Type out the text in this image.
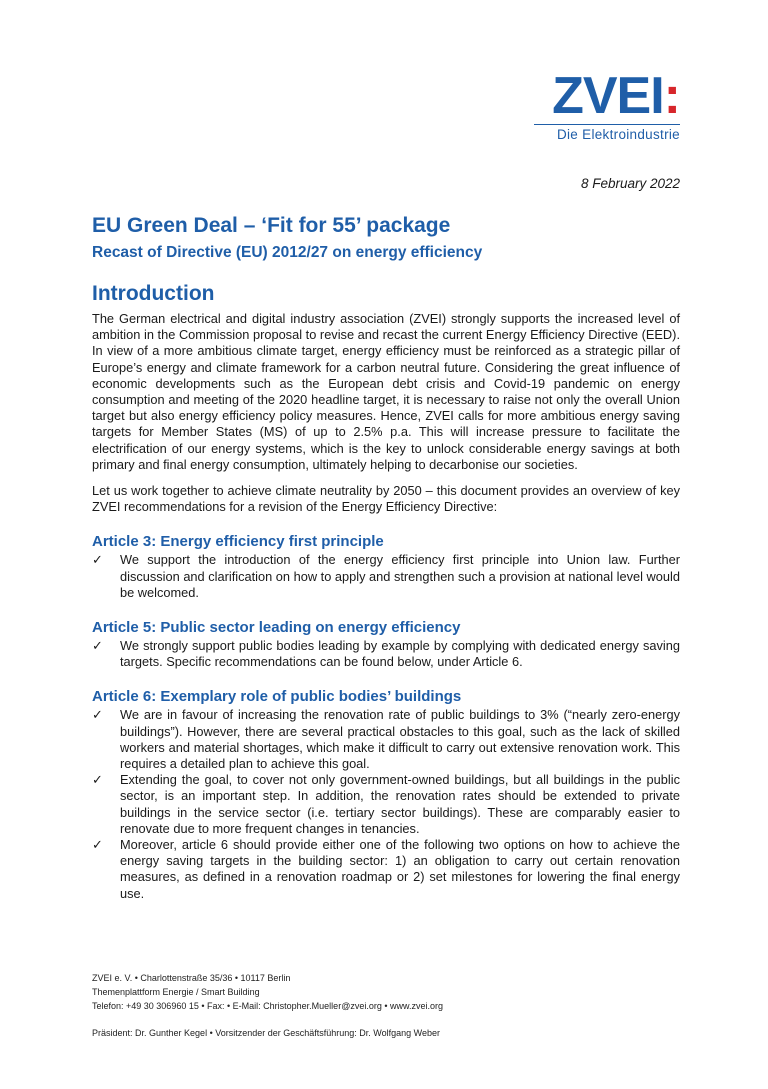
ZVEI:
Die Elektroindustrie
8 February 2022
EU Green Deal – ‘Fit for 55’ package
Recast of Directive (EU) 2012/27 on energy efficiency
Introduction

The German electrical and digital industry association (ZVEI) strongly supports the increased level of ambition in the Commission proposal to revise and recast the current Energy Efficiency Directive (EED). In view of a more ambitious climate target, energy efficiency must be reinforced as a strategic pillar of Europe’s energy and climate framework for a carbon neutral future. Considering the great influence of economic developments such as the European debt crisis and Covid-19 pandemic on energy consumption and meeting of the 2020 headline target, it is necessary to raise not only the overall Union target but also energy efficiency policy measures. Hence, ZVEI calls for more ambitious energy saving targets for Member States (MS) of up to 2.5% p.a. This will increase pressure to facilitate the electrification of our energy systems, which is the key to unlock considerable energy savings at both primary and final energy consumption, ultimately helping to decarbonise our societies.

Let us work together to achieve climate neutrality by 2050 – this document provides an overview of key ZVEI recommendations for a revision of the Energy Efficiency Directive:

Article 3: Energy efficiency first principle
✓ We support the introduction of the energy efficiency first principle into Union law. Further discussion and clarification on how to apply and strengthen such a provision at national level would be welcomed.
Article 5: Public sector leading on energy efficiency
✓ We strongly support public bodies leading by example by complying with dedicated energy saving targets. Specific recommendations can be found below, under Article 6.
Article 6: Exemplary role of public bodies’ buildings
✓ We are in favour of increasing the renovation rate of public buildings to 3% (“nearly zero-energy buildings”). However, there are several practical obstacles to this goal, such as the lack of skilled workers and material shortages, which make it difficult to carry out extensive renovation work. This requires a detailed plan to achieve this goal.
✓ Extending the goal, to cover not only government-owned buildings, but all buildings in the public sector, is an important step. In addition, the renovation rates should be extended to private buildings in the service sector (i.e. tertiary sector buildings). These are comparably easier to renovate due to more frequent changes in tenancies.
✓ Moreover, article 6 should provide either one of the following two options on how to achieve the energy saving targets in the building sector: 1) an obligation to carry out certain renovation measures, as defined in a renovation roadmap or 2) set milestones for lowering the final energy use.
ZVEI e. V. • Charlottenstraße 35/36 • 10117 Berlin
Themenplattform Energie / Smart Building
Telefon: +49 30 306960 15 • Fax: • E-Mail: Christopher.Mueller@zvei.org • www.zvei.org
Präsident: Dr. Gunther Kegel • Vorsitzender der Geschäftsführung: Dr. Wolfgang Weber
